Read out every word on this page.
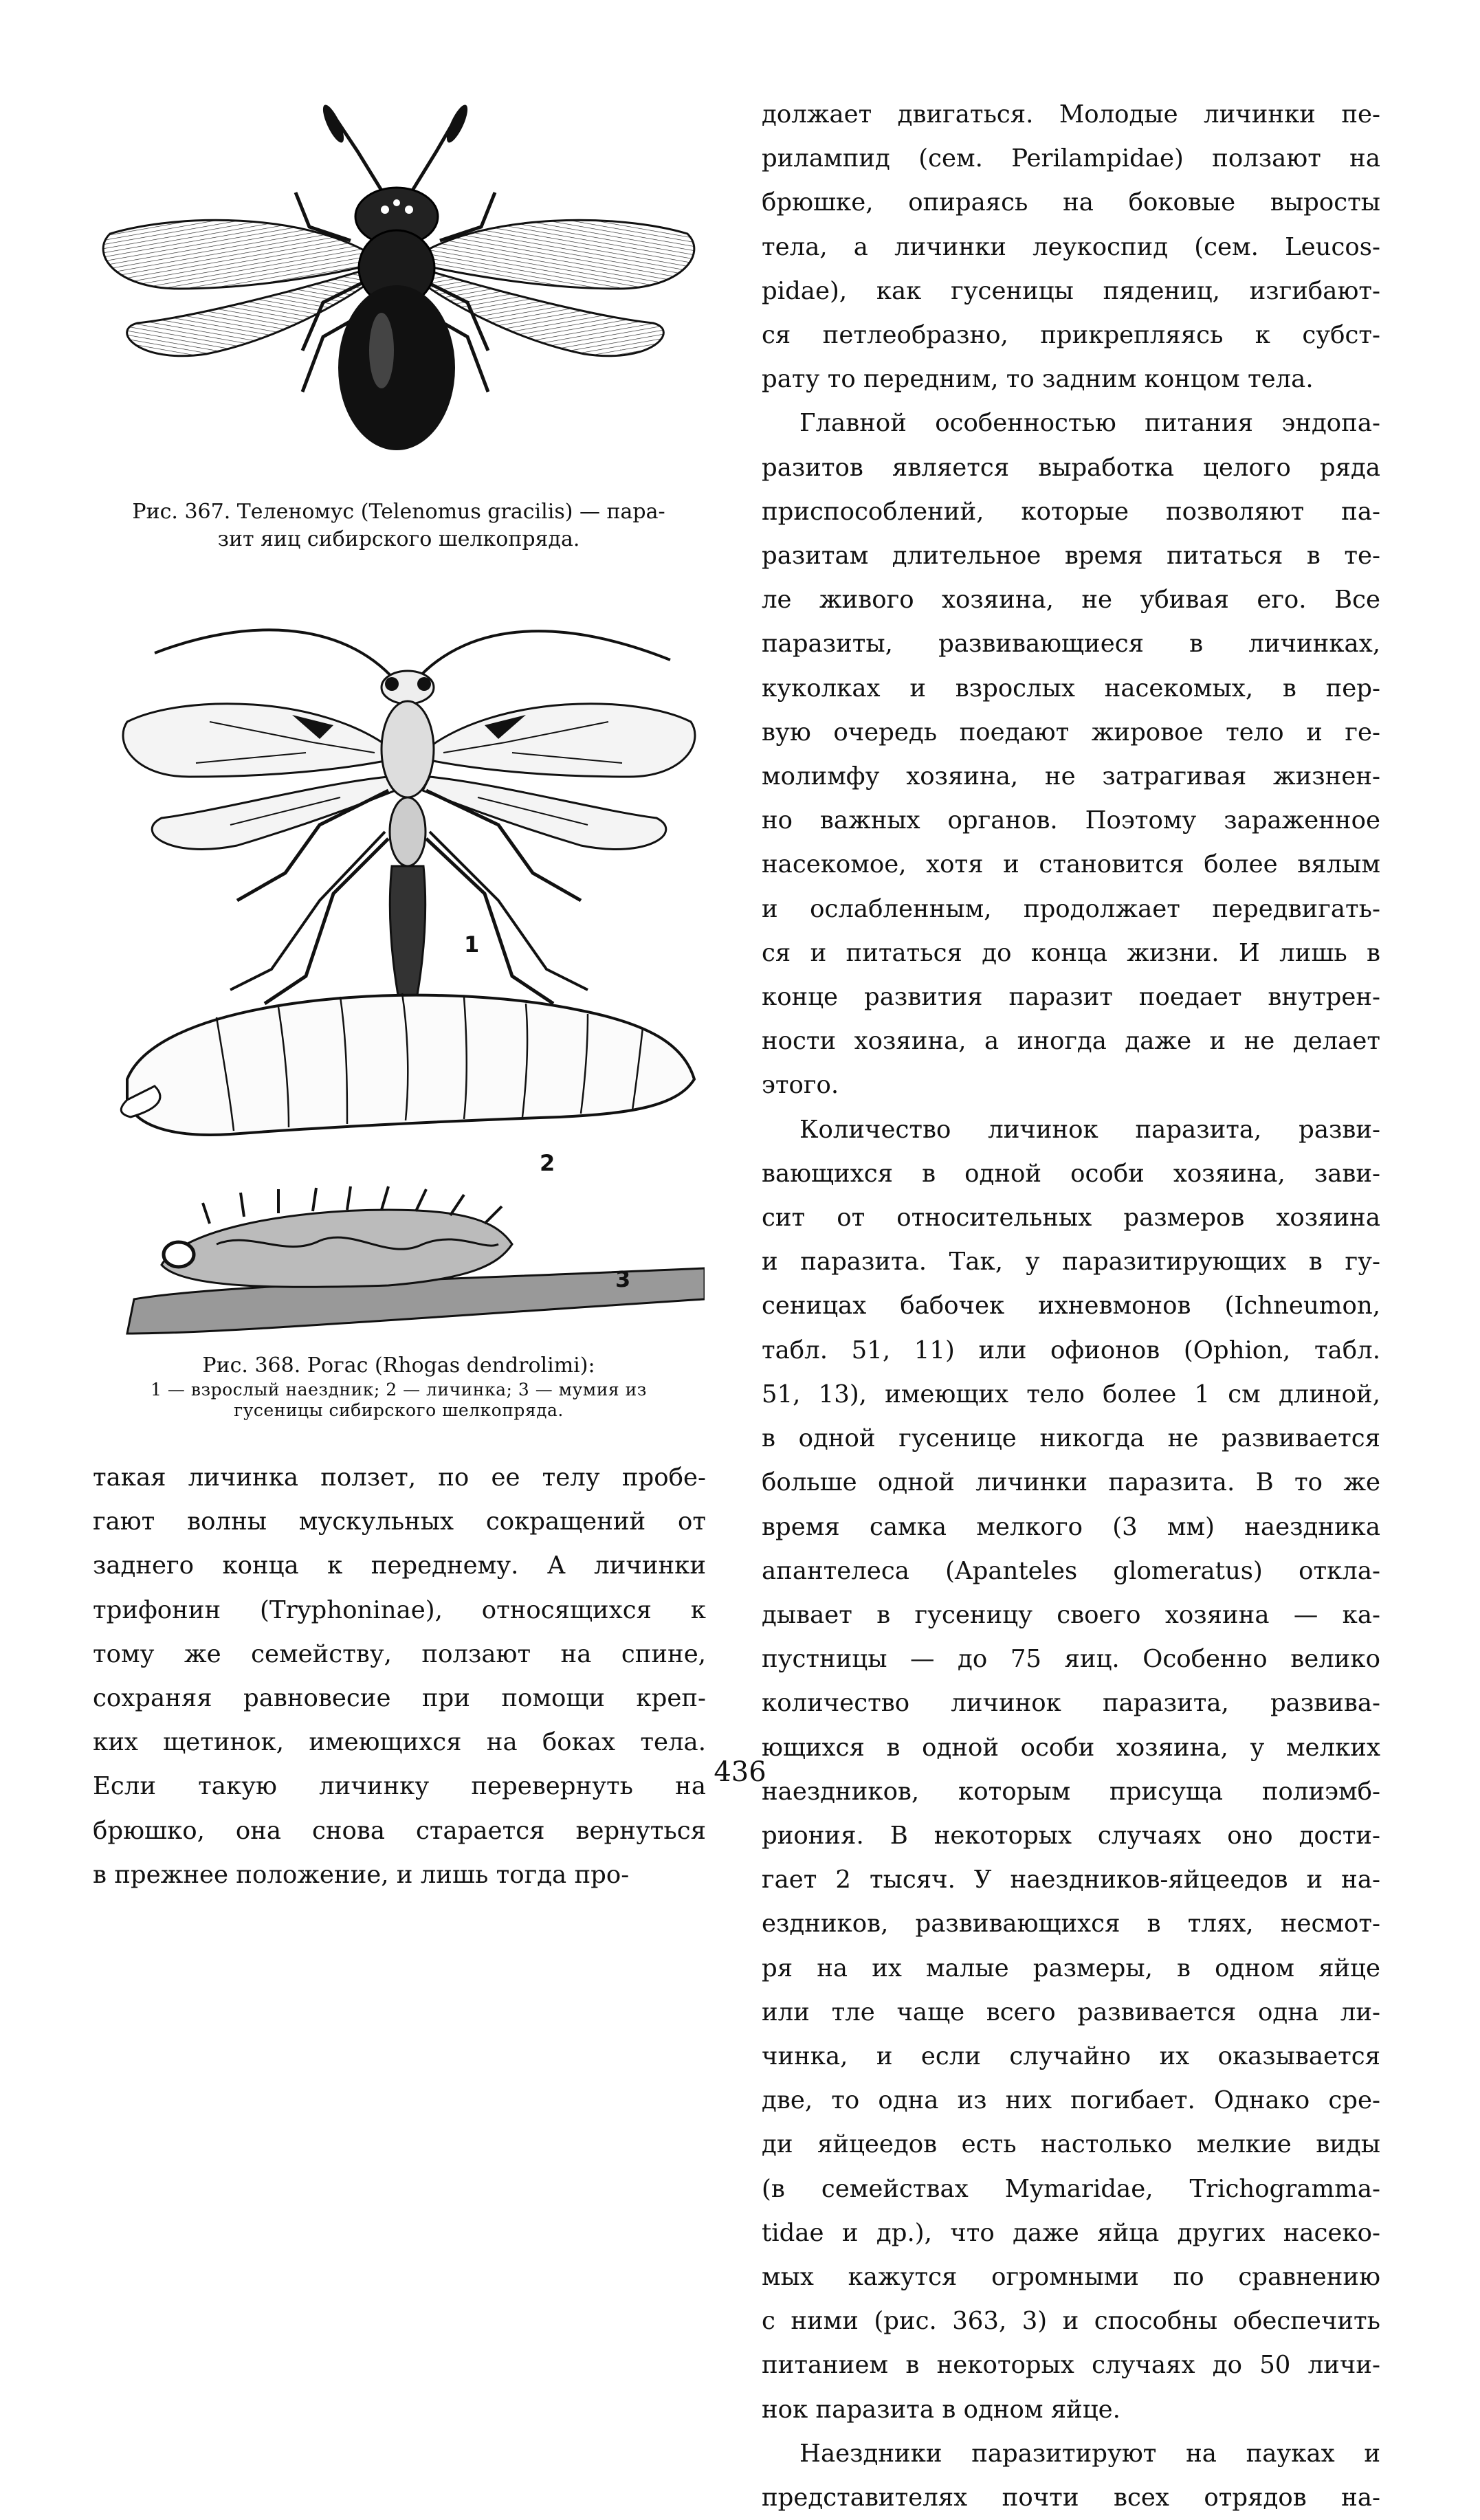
Рис. 367. Теленомус (Telenomus gracilis) — пара-
зит яиц сибирского шелкопряда.
1
2
3
Рис. 368. Рогас (Rhogas dendrolimi):
1 — взрослый наездник; 2 — личинка; 3 — мумия из
гусеницы сибирского шелкопряда.
такая личинка ползет, по ее телу пробе-
гают волны мускульных сокращений от
заднего конца к переднему. А личинки
трифонин (Tryphoninae), относящихся к
тому же семейству, ползают на спине,
сохраняя равновесие при помощи креп-
ких щетинок, имеющихся на боках тела.
Если такую личинку перевернуть на
брюшко, она снова старается вернуться
в прежнее положение, и лишь тогда про-
должает двигаться. Молодые личинки пе-
рилампид (сем. Perilampidae) ползают на
брюшке, опираясь на боковые выросты
тела, а личинки леукоспид (сем. Leucos-
pidae), как гусеницы пядениц, изгибают-
ся петлеобразно, прикрепляясь к субст-
рату то передним, то задним концом тела.
Главной особенностью питания эндопа-
разитов является выработка целого ряда
приспособлений, которые позволяют па-
разитам длительное время питаться в те-
ле живого хозяина, не убивая его. Все
паразиты, развивающиеся в личинках,
куколках и взрослых насекомых, в пер-
вую очередь поедают жировое тело и ге-
молимфу хозяина, не затрагивая жизнен-
но важных органов. Поэтому зараженное
насекомое, хотя и становится более вялым
и ослабленным, продолжает передвигать-
ся и питаться до конца жизни. И лишь в
конце развития паразит поедает внутрен-
ности хозяина, а иногда даже и не делает
этого.
Количество личинок паразита, разви-
вающихся в одной особи хозяина, зави-
сит от относительных размеров хозяина
и паразита. Так, у паразитирующих в гу-
сеницах бабочек ихневмонов (Ichneumon,
табл. 51, 11) или офионов (Ophion, табл.
51, 13), имеющих тело более 1 см длиной,
в одной гусенице никогда не развивается
больше одной личинки паразита. В то же
время самка мелкого (3 мм) наездника
апантелеса (Apanteles glomeratus) откла-
дывает в гусеницу своего хозяина — ка-
пустницы — до 75 яиц. Особенно велико
количество личинок паразита, развива-
ющихся в одной особи хозяина, у мелких
наездников, которым присуща полиэмб-
риония. В некоторых случаях оно дости-
гает 2 тысяч. У наездников-яйцеедов и на-
ездников, развивающихся в тлях, несмот-
ря на их малые размеры, в одном яйце
или тле чаще всего развивается одна ли-
чинка, и если случайно их оказывается
две, то одна из них погибает. Однако сре-
ди яйцеедов есть настолько мелкие виды
(в семействах Mymaridae, Trichogramma-
tidae и др.), что даже яйца других насеко-
мых кажутся огромными по сравнению
с ними (рис. 363, 3) и способны обеспечить
питанием в некоторых случаях до 50 личи-
нок паразита в одном яйце.
Наездники паразитируют на пауках и
представителях почти всех отрядов на-
436
